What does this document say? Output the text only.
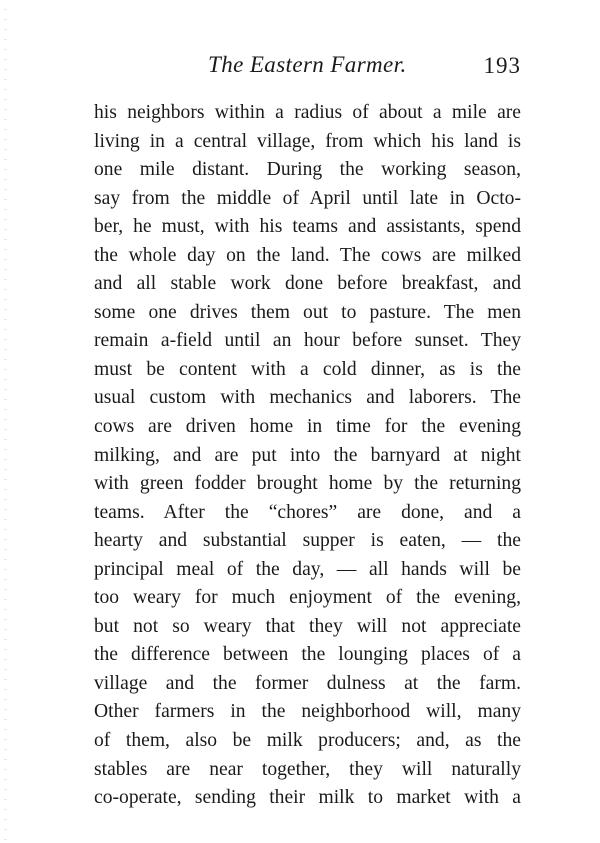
The Eastern Farmer.	193
his neighbors within a radius of about a mile are
living in a central village, from which his land is
one mile distant. During the working season,
say from the middle of April until late in Octo-
ber, he must, with his teams and assistants, spend
the whole day on the land. The cows are milked
and all stable work done before breakfast, and
some one drives them out to pasture. The men
remain a-field until an hour before sunset. They
must be content with a cold dinner, as is the
usual custom with mechanics and laborers. The
cows are driven home in time for the evening
milking, and are put into the barnyard at night
with green fodder brought home by the returning
teams. After the “chores” are done, and a
hearty and substantial supper is eaten, — the
principal meal of the day, — all hands will be
too weary for much enjoyment of the evening,
but not so weary that they will not appreciate
the difference between the lounging places of a
village and the former dulness at the farm.
Other farmers in the neighborhood will, many
of them, also be milk producers; and, as the
stables are near together, they will naturally
co-operate, sending their milk to market with a
